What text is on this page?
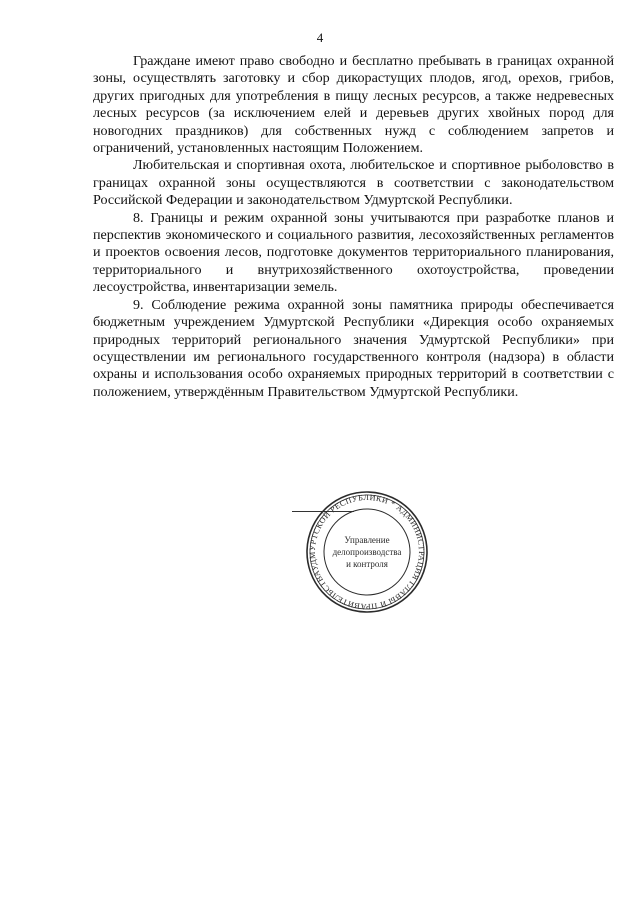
4

Граждане имеют право свободно и бесплатно пребывать в границах охранной зоны, осуществлять заготовку и сбор дикорастущих плодов, ягод, орехов, грибов, других пригодных для употребления в пищу лесных ресурсов, а также недревесных лесных ресурсов (за исключением елей и деревьев других хвойных пород для новогодних праздников) для собственных нужд с соблюдением запретов и ограничений, установленных настоящим Положением.

Любительская и спортивная охота, любительское и спортивное рыболовство в границах охранной зоны осуществляются в соответствии с законодательством Российской Федерации и законодательством Удмуртской Республики.

8. Границы и режим охранной зоны учитываются при разработке планов и перспектив экономического и социального развития, лесохозяйственных регламентов и проектов освоения лесов, подготовке документов территориального планирования, территориального и внутрихозяйственного охотоустройства, проведении лесоустройства, инвентаризации земель.

9. Соблюдение режима охранной зоны памятника природы обеспечивается бюджетным учреждением Удмуртской Республики «Дирекция особо охраняемых природных территорий регионального значения Удмуртской Республики» при осуществлении им регионального государственного контроля (надзора) в области охраны и использования особо охраняемых природных территорий в соответствии с положением, утверждённым Правительством Удмуртской Республики.

УДМУРТСКОЙ РЕСПУБЛИКИ * АДМИНИСТРАЦИЯ ГЛАВЫ И ПРАВИТЕЛЬСТВА
Управление
делопроизводства
и контроля
